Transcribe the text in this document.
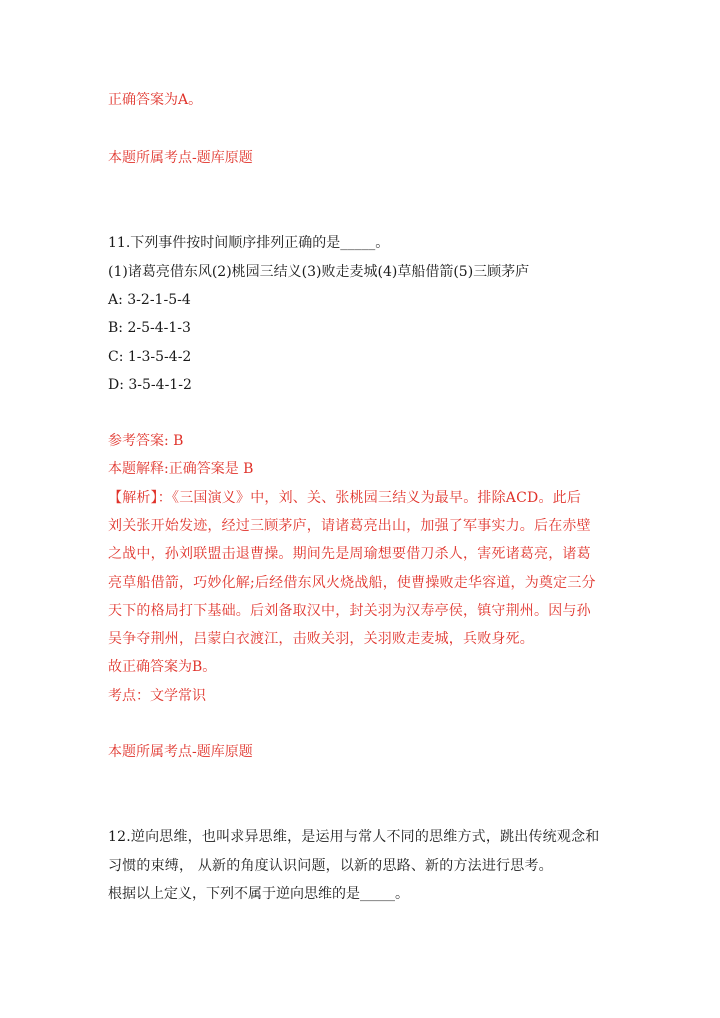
正确答案为A。
本题所属考点-题库原题
11.下列事件按时间顺序排列正确的是_____。
(1)诸葛亮借东风(2)桃园三结义(3)败走麦城(4)草船借箭(5)三顾茅庐
A: 3-2-1-5-4
B: 2-5-4-1-3
C: 1-3-5-4-2
D: 3-5-4-1-2
参考答案: B
本题解释:正确答案是 B
【解析】：《三国演义》中，刘、关、张桃园三结义为最早。排除ACD。此后
刘关张开始发迹，经过三顾茅庐，请诸葛亮出山，加强了军事实力。后在赤壁
之战中，孙刘联盟击退曹操。期间先是周瑜想要借刀杀人，害死诸葛亮，诸葛
亮草船借箭，巧妙化解;后经借东风火烧战船，使曹操败走华容道，为奠定三分
天下的格局打下基础。后刘备取汉中，封关羽为汉寿亭侯，镇守荆州。因与孙
吴争夺荆州，吕蒙白衣渡江，击败关羽，关羽败走麦城，兵败身死。
故正确答案为B。
考点：文学常识
本题所属考点-题库原题
12.逆向思维，也叫求异思维，是运用与常人不同的思维方式，跳出传统观念和
习惯的束缚， 从新的角度认识问题，以新的思路、新的方法进行思考。
根据以上定义，下列不属于逆向思维的是_____。
